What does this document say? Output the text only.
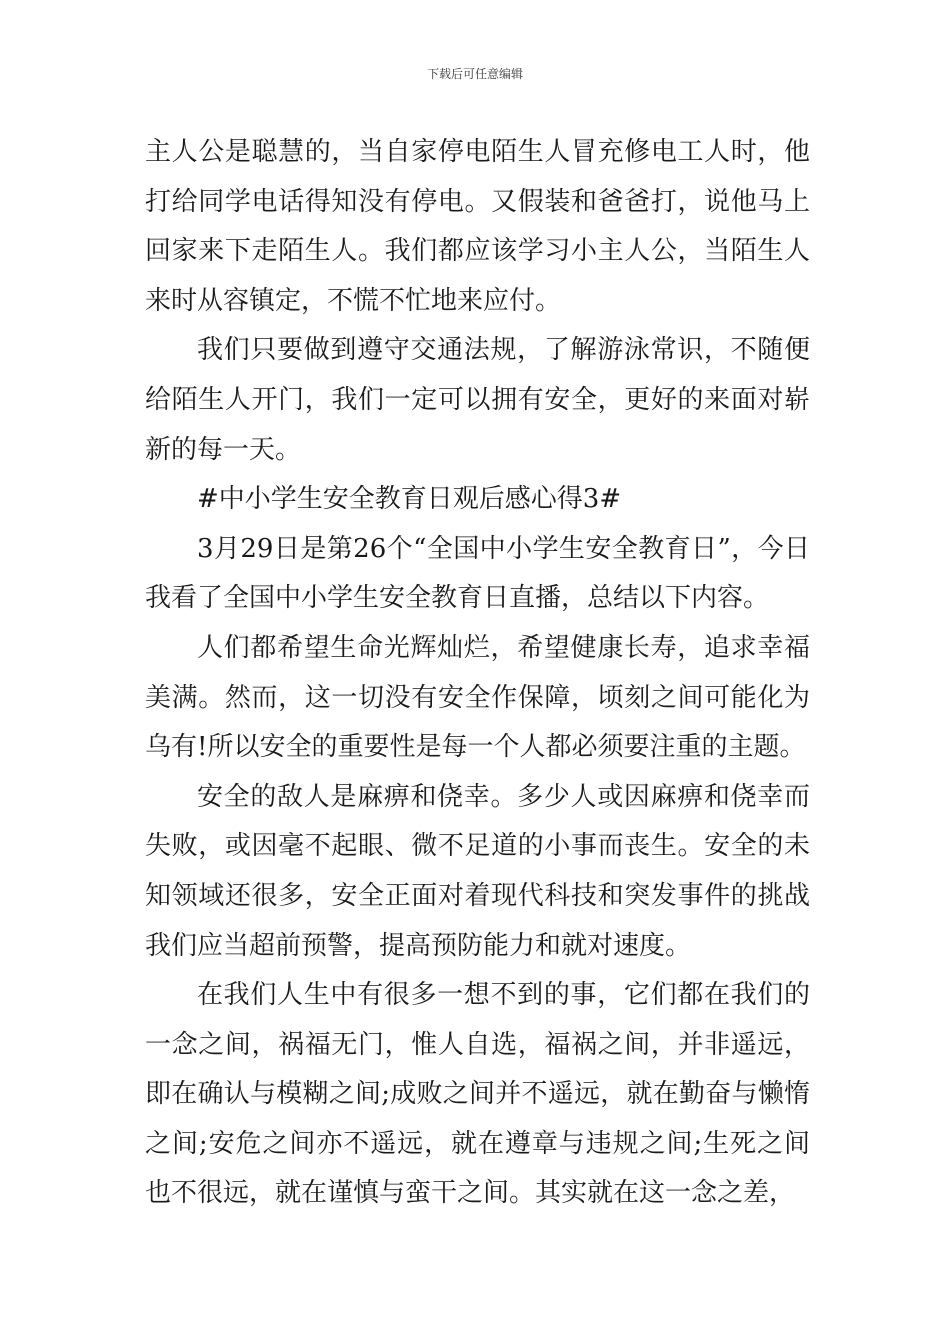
下载后可任意编辑

主人公是聪慧的，当自家停电陌生人冒充修电工人时，他打给同学电话得知没有停电。又假装和爸爸打，说他马上回家来下走陌生人。我们都应该学习小主人公，当陌生人来时从容镇定，不慌不忙地来应付。

我们只要做到遵守交通法规，了解游泳常识，不随便给陌生人开门，我们一定可以拥有安全，更好的来面对崭新的每一天。

#中小学生安全教育日观后感心得3#

3月29日是第26个“全国中小学生安全教育日”，今日我看了全国中小学生安全教育日直播，总结以下内容。

人们都希望生命光辉灿烂，希望健康长寿，追求幸福美满。然而，这一切没有安全作保障，顷刻之间可能化为乌有!所以安全的重要性是每一个人都必须要注重的主题。

安全的敌人是麻痹和侥幸。多少人或因麻痹和侥幸而失败，或因毫不起眼、微不足道的小事而丧生。安全的未知领域还很多，安全正面对着现代科技和突发事件的挑战我们应当超前预警，提高预防能力和就对速度。

在我们人生中有很多一想不到的事，它们都在我们的一念之间，祸福无门，惟人自选，福祸之间，并非遥远，即在确认与模糊之间;成败之间并不遥远，就在勤奋与懒惰之间;安危之间亦不遥远，就在遵章与违规之间;生死之间也不很远，就在谨慎与蛮干之间。其实就在这一念之差，
